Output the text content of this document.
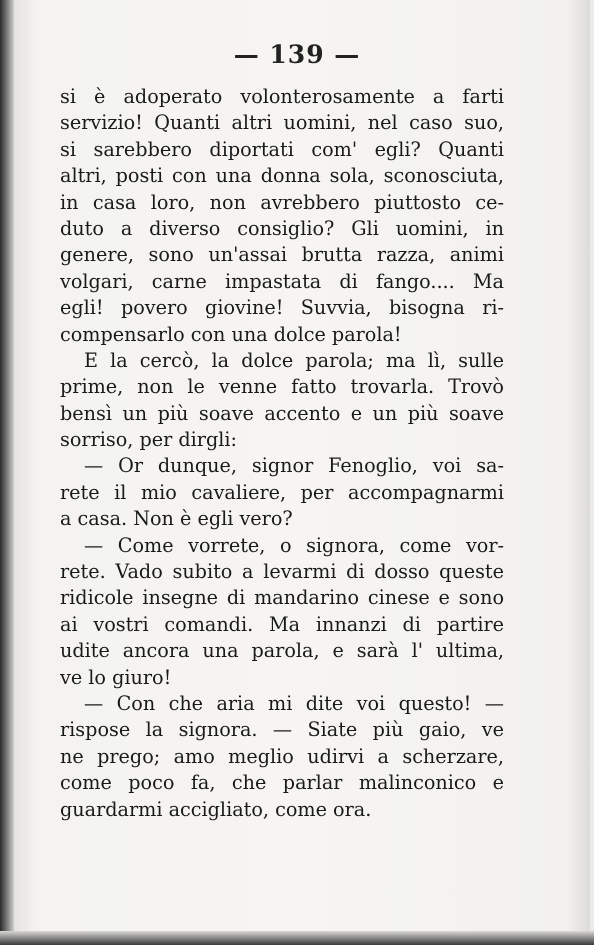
— 139 —
si è adoperato volonterosamente a farti
servizio! Quanti altri uomini, nel caso suo,
si sarebbero diportati com' egli? Quanti
altri, posti con una donna sola, sconosciuta,
in casa loro, non avrebbero piuttosto ce-
duto a diverso consiglio? Gli uomini, in
genere, sono un'assai brutta razza, animi
volgari, carne impastata di fango.... Ma
egli! povero giovine! Suvvia, bisogna ri-
compensarlo con una dolce parola!
E la cercò, la dolce parola; ma lì, sulle
prime, non le venne fatto trovarla. Trovò
bensì un più soave accento e un più soave
sorriso, per dirgli:
— Or dunque, signor Fenoglio, voi sa-
rete il mio cavaliere, per accompagnarmi
a casa. Non è egli vero?
— Come vorrete, o signora, come vor-
rete. Vado subito a levarmi di dosso queste
ridicole insegne di mandarino cinese e sono
ai vostri comandi. Ma innanzi di partire
udite ancora una parola, e sarà l' ultima,
ve lo giuro!
— Con che aria mi dite voi questo! —
rispose la signora. — Siate più gaio, ve
ne prego; amo meglio udirvi a scherzare,
come poco fa, che parlar malinconico e
guardarmi accigliato, come ora.
